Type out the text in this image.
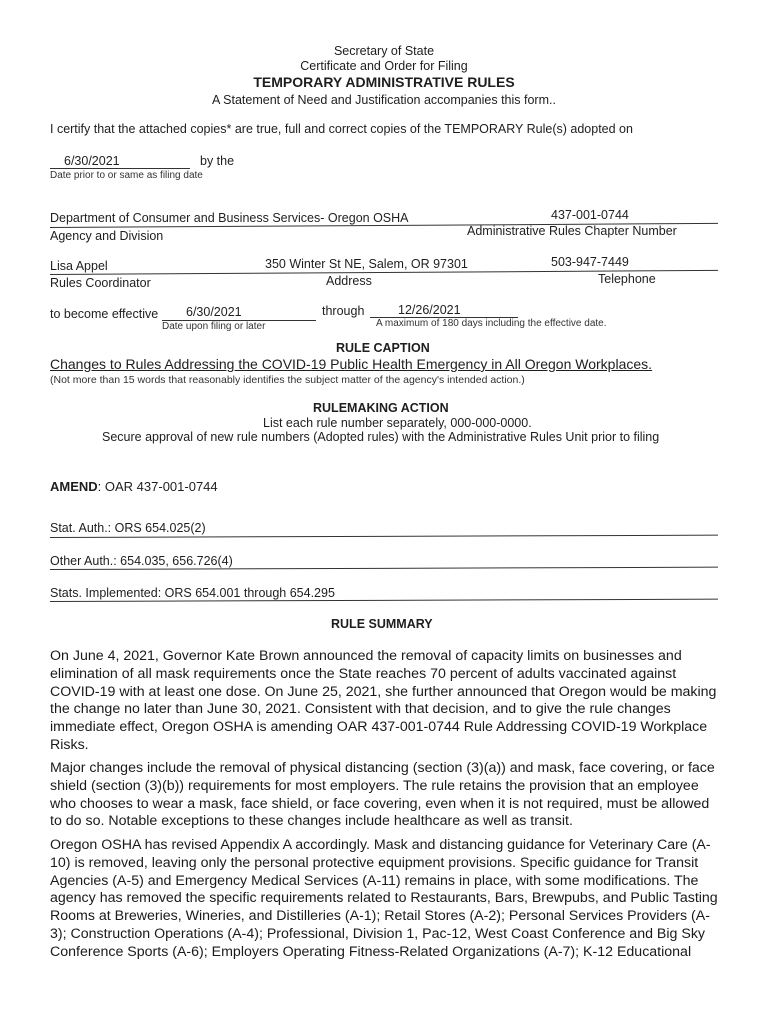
Secretary of State
Certificate and Order for Filing
TEMPORARY ADMINISTRATIVE RULES
A Statement of Need and Justification accompanies this form..
I certify that the attached copies* are true, full and correct copies of the TEMPORARY Rule(s) adopted on
6/30/2021	by the
Date prior to or same as filing date
Department of Consumer and Business Services- Oregon OSHA	437-001-0744
Agency and Division	Administrative Rules Chapter Number
Lisa Appel	350 Winter St NE, Salem, OR 97301	503-947-7449
Rules Coordinator	Address	Telephone
to become effective 6/30/2021	through	12/26/2021
Date upon filing or later	A maximum of 180 days including the effective date.
RULE CAPTION
Changes to Rules Addressing the COVID-19 Public Health Emergency in All Oregon Workplaces.
(Not more than 15 words that reasonably identifies the subject matter of the agency's intended action.)
RULEMAKING ACTION
List each rule number separately, 000-000-0000.
Secure approval of new rule numbers (Adopted rules) with the Administrative Rules Unit prior to filing
AMEND: OAR 437-001-0744
Stat. Auth.: ORS 654.025(2)
Other Auth.: 654.035, 656.726(4)
Stats. Implemented: ORS 654.001 through 654.295
RULE SUMMARY
On June 4, 2021, Governor Kate Brown announced the removal of capacity limits on businesses and elimination of all mask requirements once the State reaches 70 percent of adults vaccinated against COVID-19 with at least one dose. On June 25, 2021, she further announced that Oregon would be making the change no later than June 30, 2021. Consistent with that decision, and to give the rule changes immediate effect, Oregon OSHA is amending OAR 437-001-0744 Rule Addressing COVID-19 Workplace Risks.
Major changes include the removal of physical distancing (section (3)(a)) and mask, face covering, or face shield (section (3)(b)) requirements for most employers. The rule retains the provision that an employee who chooses to wear a mask, face shield, or face covering, even when it is not required, must be allowed to do so. Notable exceptions to these changes include healthcare as well as transit.
Oregon OSHA has revised Appendix A accordingly. Mask and distancing guidance for Veterinary Care (A-10) is removed, leaving only the personal protective equipment provisions. Specific guidance for Transit Agencies (A-5) and Emergency Medical Services (A-11) remains in place, with some modifications. The agency has removed the specific requirements related to Restaurants, Bars, Brewpubs, and Public Tasting Rooms at Breweries, Wineries, and Distilleries (A-1); Retail Stores (A-2); Personal Services Providers (A-3); Construction Operations (A-4); Professional, Division 1, Pac-12, West Coast Conference and Big Sky Conference Sports (A-6); Employers Operating Fitness-Related Organizations (A-7); K-12 Educational
